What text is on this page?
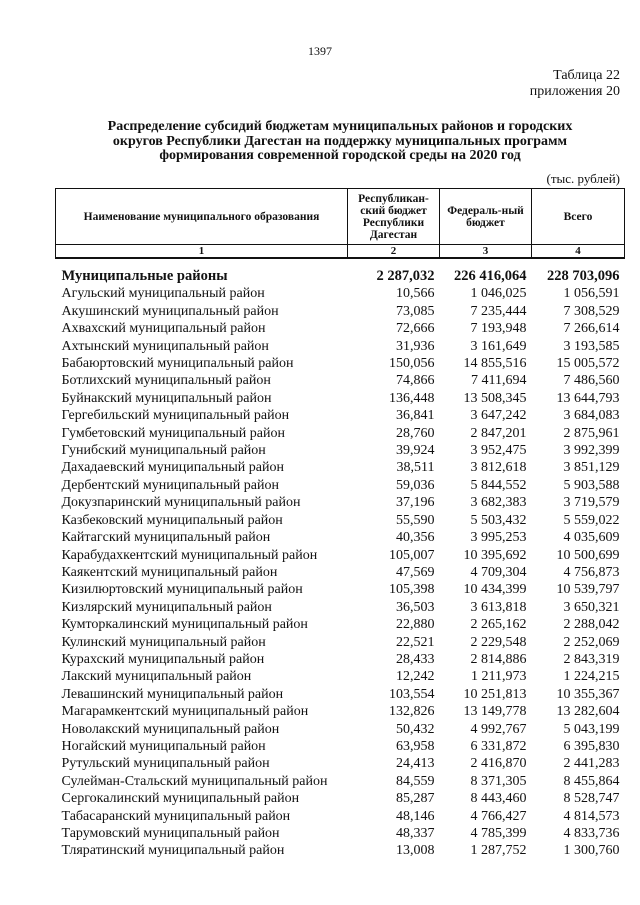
1397
Таблица 22
приложения 20
Распределение субсидий бюджетам муниципальных районов и городских
округов Республики Дагестан на поддержку муниципальных программ
формирования современной городской среды на 2020 год
(тыс. рублей)
Наименование муниципального образования	Республикан-ский бюджет Республики Дагестан	Федераль-ный бюджет	Всего
1	2	3	4
Муниципальные районы	2 287,032	226 416,064	228 703,096
Агульский муниципальный район	10,566	1 046,025	1 056,591
Акушинский муниципальный район	73,085	7 235,444	7 308,529
Ахвахский муниципальный район	72,666	7 193,948	7 266,614
Ахтынский муниципальный район	31,936	3 161,649	3 193,585
Бабаюртовский муниципальный район	150,056	14 855,516	15 005,572
Ботлихский муниципальный район	74,866	7 411,694	7 486,560
Буйнакский муниципальный район	136,448	13 508,345	13 644,793
Гергебильский муниципальный район	36,841	3 647,242	3 684,083
Гумбетовский муниципальный район	28,760	2 847,201	2 875,961
Гунибский муниципальный район	39,924	3 952,475	3 992,399
Дахадаевский муниципальный район	38,511	3 812,618	3 851,129
Дербентский муниципальный район	59,036	5 844,552	5 903,588
Докузпаринский муниципальный район	37,196	3 682,383	3 719,579
Казбековский муниципальный район	55,590	5 503,432	5 559,022
Кайтагский муниципальный район	40,356	3 995,253	4 035,609
Карабудахкентский муниципальный район	105,007	10 395,692	10 500,699
Каякентский муниципальный район	47,569	4 709,304	4 756,873
Кизилюртовский муниципальный район	105,398	10 434,399	10 539,797
Кизлярский муниципальный район	36,503	3 613,818	3 650,321
Кумторкалинский муниципальный район	22,880	2 265,162	2 288,042
Кулинский муниципальный район	22,521	2 229,548	2 252,069
Курахский муниципальный район	28,433	2 814,886	2 843,319
Лакский муниципальный район	12,242	1 211,973	1 224,215
Левашинский муниципальный район	103,554	10 251,813	10 355,367
Магарамкентский муниципальный район	132,826	13 149,778	13 282,604
Новолакский муниципальный район	50,432	4 992,767	5 043,199
Ногайский муниципальный район	63,958	6 331,872	6 395,830
Рутульский муниципальный район	24,413	2 416,870	2 441,283
Сулейман-Стальский муниципальный район	84,559	8 371,305	8 455,864
Сергокалинский муниципальный район	85,287	8 443,460	8 528,747
Табасаранский муниципальный район	48,146	4 766,427	4 814,573
Тарумовский муниципальный район	48,337	4 785,399	4 833,736
Тляратинский муниципальный район	13,008	1 287,752	1 300,760
